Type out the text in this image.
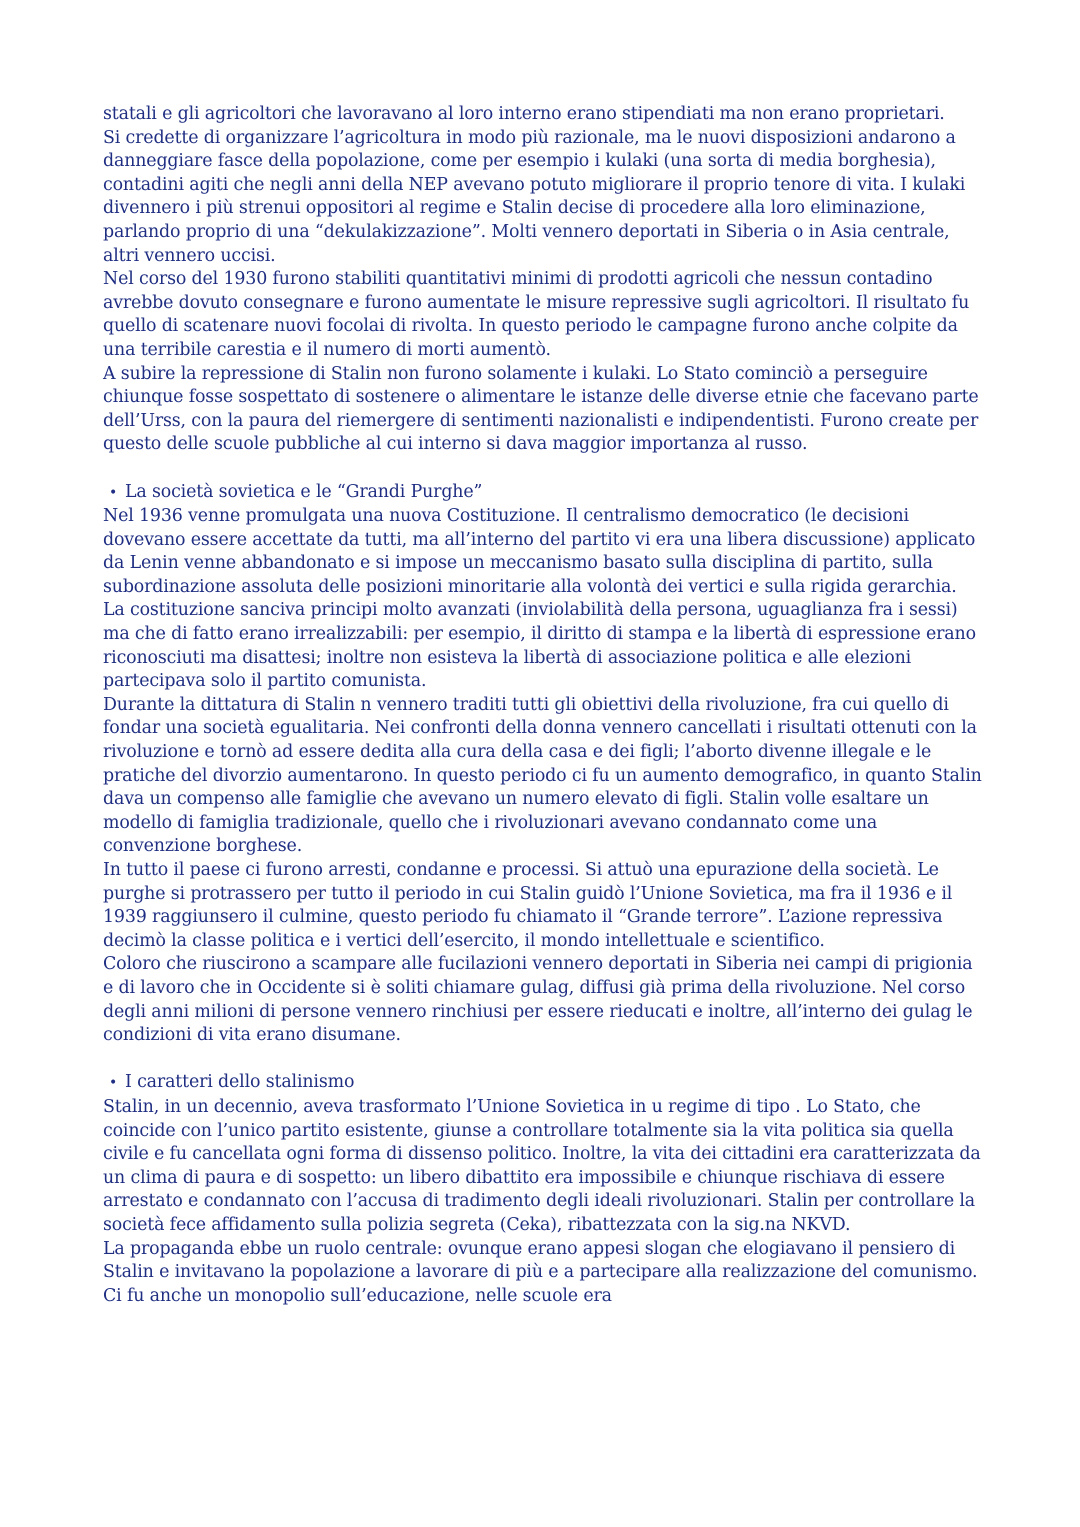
statali e gli agricoltori che lavoravano al loro interno erano stipendiati ma non erano proprietari.

Si credette di organizzare l’agricoltura in modo più razionale, ma le nuovi disposizioni andarono a danneggiare fasce della popolazione, come per esempio i kulaki (una sorta di media borghesia), contadini agiti che negli anni della NEP avevano potuto migliorare il proprio tenore di vita. I kulaki divennero i più strenui oppositori al regime e Stalin decise di procedere alla loro eliminazione, parlando proprio di una “dekulakizzazione”. Molti vennero deportati in Siberia o in Asia centrale, altri vennero uccisi.

Nel corso del 1930 furono stabiliti quantitativi minimi di prodotti agricoli che nessun contadino avrebbe dovuto consegnare e furono aumentate le misure repressive sugli agricoltori. Il risultato fu quello di scatenare nuovi focolai di rivolta. In questo periodo le campagne furono anche colpite da una terribile carestia e il numero di morti aumentò.

A subire la repressione di Stalin non furono solamente i kulaki. Lo Stato cominciò a perseguire chiunque fosse sospettato di sostenere o alimentare le istanze delle diverse etnie che facevano parte dell’Urss, con la paura del riemergere di sentimenti nazionalisti e indipendentisti. Furono create per questo delle scuole pubbliche al cui interno si dava maggior importanza al russo.

• La società sovietica e le “Grandi Purghe”

Nel 1936 venne promulgata una nuova Costituzione. Il centralismo democratico (le decisioni dovevano essere accettate da tutti, ma all’interno del partito vi era una libera discussione) applicato da Lenin venne abbandonato e si impose un meccanismo basato sulla disciplina di partito, sulla subordinazione assoluta delle posizioni minoritarie alla volontà dei vertici e sulla rigida gerarchia. La costituzione sanciva principi molto avanzati (inviolabilità della persona, uguaglianza fra i sessi) ma che di fatto erano irrealizzabili: per esempio, il diritto di stampa e la libertà di espressione erano riconosciuti ma disattesi; inoltre non esisteva la libertà di associazione politica e alle elezioni partecipava solo il partito comunista.

Durante la dittatura di Stalin n vennero traditi tutti gli obiettivi della rivoluzione, fra cui quello di fondar una società egualitaria. Nei confronti della donna vennero cancellati i risultati ottenuti con la rivoluzione e tornò ad essere dedita alla cura della casa e dei figli; l’aborto divenne illegale e le pratiche del divorzio aumentarono. In questo periodo ci fu un aumento demografico, in quanto Stalin dava un compenso alle famiglie che avevano un numero elevato di figli. Stalin volle esaltare un modello di famiglia tradizionale, quello che i rivoluzionari avevano condannato come una convenzione borghese.

In tutto il paese ci furono arresti, condanne e processi. Si attuò una epurazione della società. Le purghe si protrassero per tutto il periodo in cui Stalin guidò l’Unione Sovietica, ma fra il 1936 e il 1939 raggiunsero il culmine, questo periodo fu chiamato il “Grande terrore”. L’azione repressiva decimò la classe politica e i vertici dell’esercito, il mondo intellettuale e scientifico.

Coloro che riuscirono a scampare alle fucilazioni vennero deportati in Siberia nei campi di prigionia e di lavoro che in Occidente si è soliti chiamare gulag, diffusi già prima della rivoluzione. Nel corso degli anni milioni di persone vennero rinchiusi per essere rieducati e inoltre, all’interno dei gulag le condizioni di vita erano disumane.

• I caratteri dello stalinismo

Stalin, in un decennio, aveva trasformato l’Unione Sovietica in u regime di tipo . Lo Stato, che coincide con l’unico partito esistente, giunse a controllare totalmente sia la vita politica sia quella civile e fu cancellata ogni forma di dissenso politico. Inoltre, la vita dei cittadini era caratterizzata da un clima di paura e di sospetto: un libero dibattito era impossibile e chiunque rischiava di essere arrestato e condannato con l’accusa di tradimento degli ideali rivoluzionari. Stalin per controllare la società fece affidamento sulla polizia segreta (Ceka), ribattezzata con la sig.na NKVD.

La propaganda ebbe un ruolo centrale: ovunque erano appesi slogan che elogiavano il pensiero di Stalin e invitavano la popolazione a lavorare di più e a partecipare alla realizzazione del comunismo. Ci fu anche un monopolio sull’educazione, nelle scuole era
